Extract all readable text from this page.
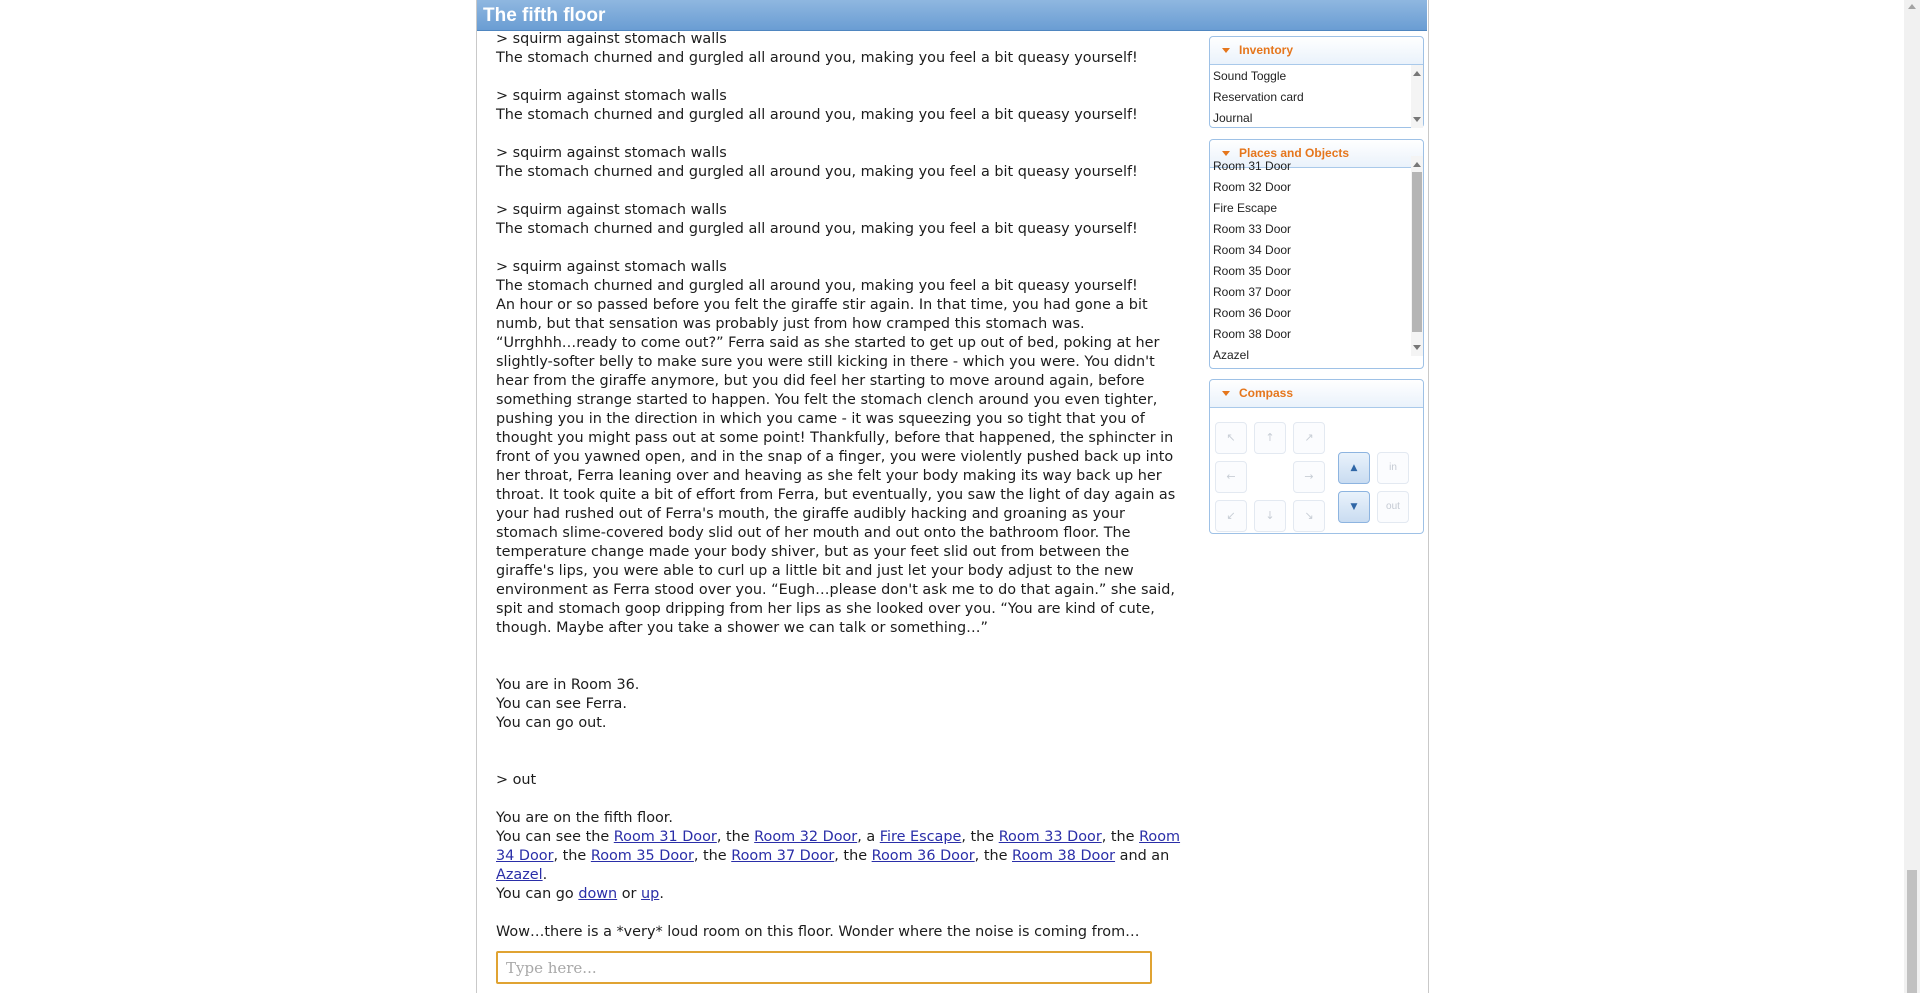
The fifth floor

> squirm against stomach walls

The stomach churned and gurgled all around you, making you feel a bit queasy yourself!

> squirm against stomach walls

The stomach churned and gurgled all around you, making you feel a bit queasy yourself!

> squirm against stomach walls

The stomach churned and gurgled all around you, making you feel a bit queasy yourself!

> squirm against stomach walls

The stomach churned and gurgled all around you, making you feel a bit queasy yourself!

> squirm against stomach walls

The stomach churned and gurgled all around you, making you feel a bit queasy yourself!

An hour or so passed before you felt the giraffe stir again. In that time, you had gone a bit numb, but that sensation was probably just from how cramped this stomach was.

“Urrghhh…ready to come out?” Ferra said as she started to get up out of bed, poking at her slightly-softer belly to make sure you were still kicking in there - which you were. You didn't hear from the giraffe anymore, but you did feel her starting to move around again, before something strange started to happen. You felt the stomach clench around you even tighter, pushing you in the direction in which you came - it was squeezing you so tight that you of thought you might pass out at some point! Thankfully, before that happened, the sphincter in front of you yawned open, and in the snap of a finger, you were violently pushed back up into her throat, Ferra leaning over and heaving as she felt your body making its way back up her throat. It took quite a bit of effort from Ferra, but eventually, you saw the light of day again as your had rushed out of Ferra's mouth, the giraffe audibly hacking and groaning as your stomach slime-covered body slid out of her mouth and out onto the bathroom floor. The temperature change made your body shiver, but as your feet slid out from between the giraffe's lips, you were able to curl up a little bit and just let your body adjust to the new environment as Ferra stood over you. “Eugh…please don't ask me to do that again.” she said, spit and stomach goop dripping from her lips as she looked over you. “You are kind of cute, though. Maybe after you take a shower we can talk or something…”

You are in Room 36.

You can see Ferra.

You can go out.

> out

You are on the fifth floor.

You can see the Room 31 Door, the Room 32 Door, a Fire Escape, the Room 33 Door, the Room 34 Door, the Room 35 Door, the Room 37 Door, the Room 36 Door, the Room 38 Door and an Azazel.

You can go down or up.

Wow…there is a *very* loud room on this floor. Wonder where the noise is coming from…

Type here...
Inventory
Sound Toggle
Reservation card
Journal
Places and Objects
Room 31 Door
Room 32 Door
Fire Escape
Room 33 Door
Room 34 Door
Room 35 Door
Room 37 Door
Room 36 Door
Room 38 Door
Azazel
Compass
↖	↑	↗
←	→
↙	↓	↘
▲
▼
in
out
